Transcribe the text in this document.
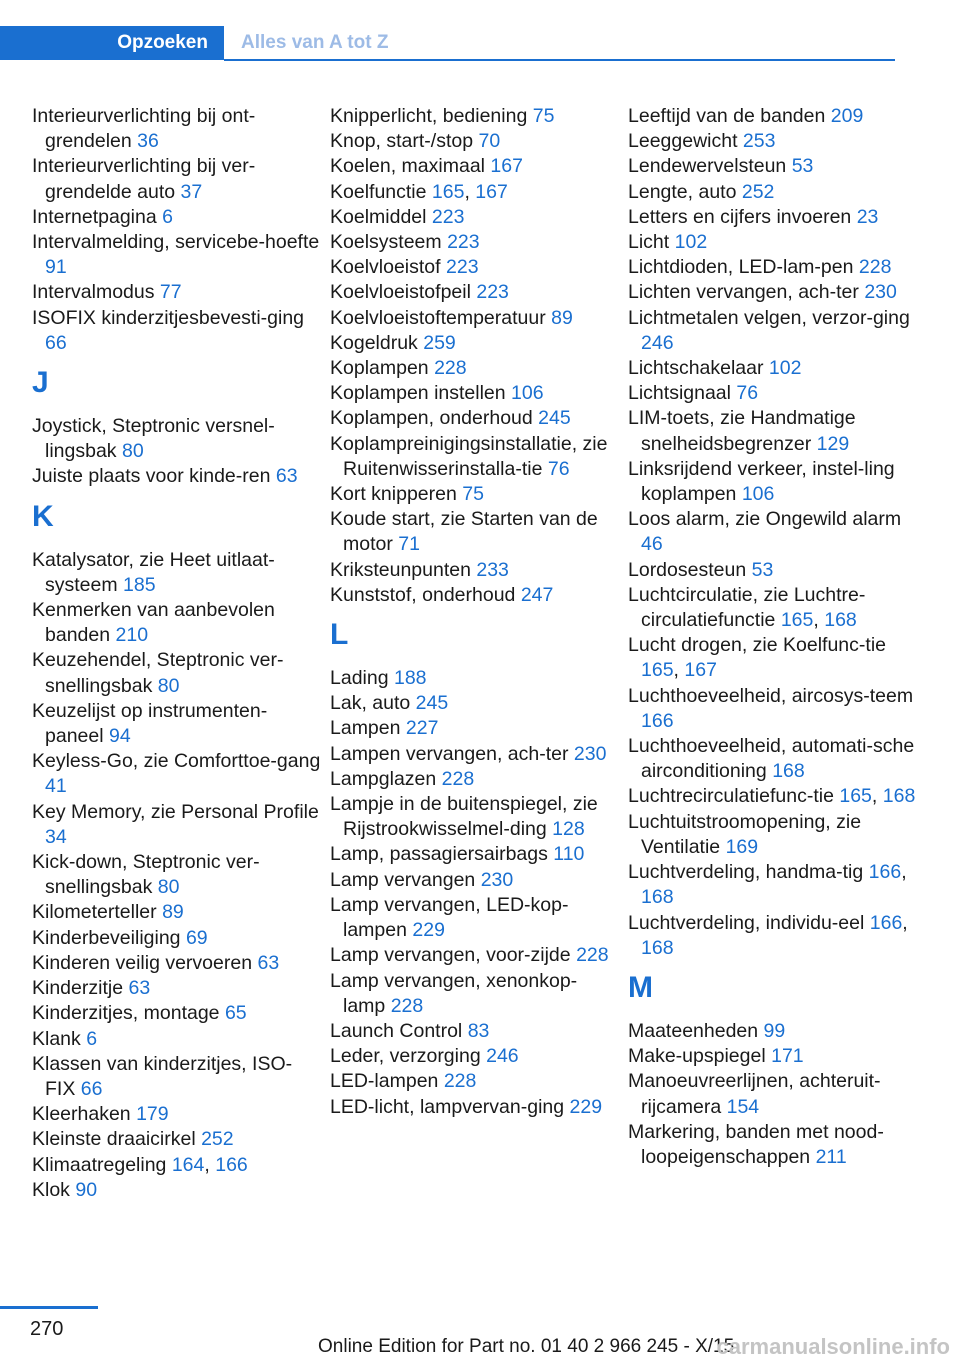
Opzoeken	Alles van A tot Z
Interieurverlichting bij ont-grendelen 36
Interieurverlichting bij ver-grendelde auto 37
Internetpagina 6
Intervalmelding, servicebe-hoefte 91
Intervalmodus 77
ISOFIX kinderzitjesbevesti-ging 66
J
Joystick, Steptronic versnel-lingsbak 80
Juiste plaats voor kinde-ren 63
K
Katalysator, zie Heet uitlaat-systeem 185
Kenmerken van aanbevolen banden 210
Keuzehendel, Steptronic ver-snellingsbak 80
Keuzelijst op instrumenten-paneel 94
Keyless-Go, zie Comforttoe-gang 41
Key Memory, zie Personal Profile 34
Kick-down, Steptronic ver-snellingsbak 80
Kilometerteller 89
Kinderbeveiliging 69
Kinderen veilig vervoeren 63
Kinderzitje 63
Kinderzitjes, montage 65
Klank 6
Klassen van kinderzitjes, ISO-FIX 66
Kleerhaken 179
Kleinste draaicirkel 252
Klimaatregeling 164, 166
Klok 90
Knipperlicht, bediening 75
Knop, start-/stop 70
Koelen, maximaal 167
Koelfunctie 165, 167
Koelmiddel 223
Koelsysteem 223
Koelvloeistof 223
Koelvloeistofpeil 223
Koelvloeistoftemperatuur 89
Kogeldruk 259
Koplampen 228
Koplampen instellen 106
Koplampen, onderhoud 245
Koplampreinigingsinstallatie, zie Ruitenwisserinstalla-tie 76
Kort knipperen 75
Koude start, zie Starten van de motor 71
Kriksteunpunten 233
Kunststof, onderhoud 247
L
Lading 188
Lak, auto 245
Lampen 227
Lampen vervangen, ach-ter 230
Lampglazen 228
Lampje in de buitenspiegel, zie Rijstrookwisselmel-ding 128
Lamp, passagiersairbags 110
Lamp vervangen 230
Lamp vervangen, LED-kop-lampen 229
Lamp vervangen, voor-zijde 228
Lamp vervangen, xenonkop-lamp 228
Launch Control 83
Leder, verzorging 246
LED-lampen 228
LED-licht, lampvervan-ging 229
Leeftijd van de banden 209
Leeggewicht 253
Lendewervelsteun 53
Lengte, auto 252
Letters en cijfers invoeren 23
Licht 102
Lichtdioden, LED-lam-pen 228
Lichten vervangen, ach-ter 230
Lichtmetalen velgen, verzor-ging 246
Lichtschakelaar 102
Lichtsignaal 76
LIM-toets, zie Handmatige snelheidsbegrenzer 129
Linksrijdend verkeer, instel-ling koplampen 106
Loos alarm, zie Ongewild alarm 46
Lordosesteun 53
Luchtcirculatie, zie Luchtre-circulatiefunctie 165, 168
Lucht drogen, zie Koelfunc-tie 165, 167
Luchthoeveelheid, aircosys-teem 166
Luchthoeveelheid, automati-sche airconditioning 168
Luchtrecirculatiefunc-tie 165, 168
Luchtuitstroomopening, zie Ventilatie 169
Luchtverdeling, handma-tig 166, 168
Luchtverdeling, individu-eel 166, 168
M
Maateenheden 99
Make-upspiegel 171
Manoeuvreerlijnen, achteruit-rijcamera 154
Markering, banden met nood-loopeigenschappen 211
270
Online Edition for Part no. 01 40 2 966 245 - X/15
carmanualsonline.info
